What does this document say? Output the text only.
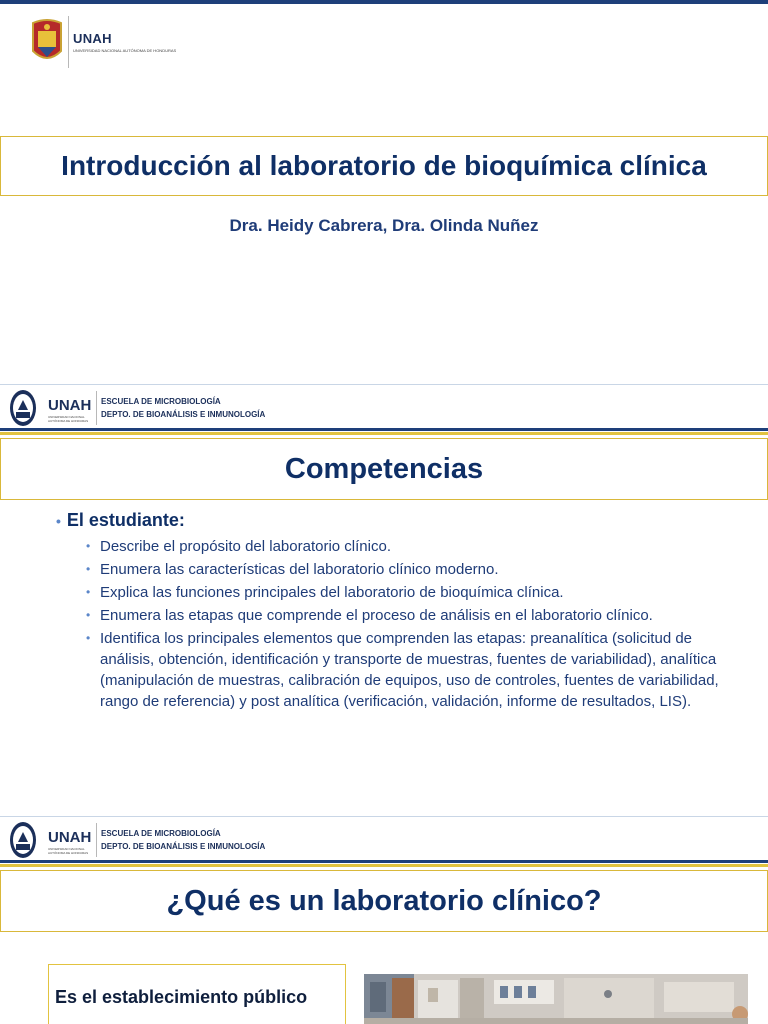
UNAH
UNIVERSIDAD NACIONAL AUTÓNOMA DE HONDURAS
Introducción al laboratorio de bioquímica clínica
Dra. Heidy Cabrera, Dra. Olinda Nuñez
UNAH
UNIVERSIDAD NACIONAL AUTÓNOMA DE HONDURAS
ESCUELA DE MICROBIOLOGÍA
DEPTO. DE BIOANÁLISIS E INMUNOLOGÍA
Competencias
• El estudiante:
• Describe el propósito del laboratorio clínico.
• Enumera las características del laboratorio clínico moderno.
• Explica las funciones principales del laboratorio de bioquímica clínica.
• Enumera las etapas que comprende el proceso de análisis en el laboratorio clínico.
• Identifica los principales elementos que comprenden las etapas: preanalítica (solicitud de análisis, obtención, identificación y transporte de muestras, fuentes de variabilidad), analítica (manipulación de muestras, calibración de equipos, uso de controles, fuentes de variabilidad, rango de referencia) y post analítica (verificación, validación, informe de resultados, LIS).
UNAH
UNIVERSIDAD NACIONAL AUTÓNOMA DE HONDURAS
ESCUELA DE MICROBIOLOGÍA
DEPTO. DE BIOANÁLISIS E INMUNOLOGÍA
¿Qué es un laboratorio clínico?
Es el establecimiento público
